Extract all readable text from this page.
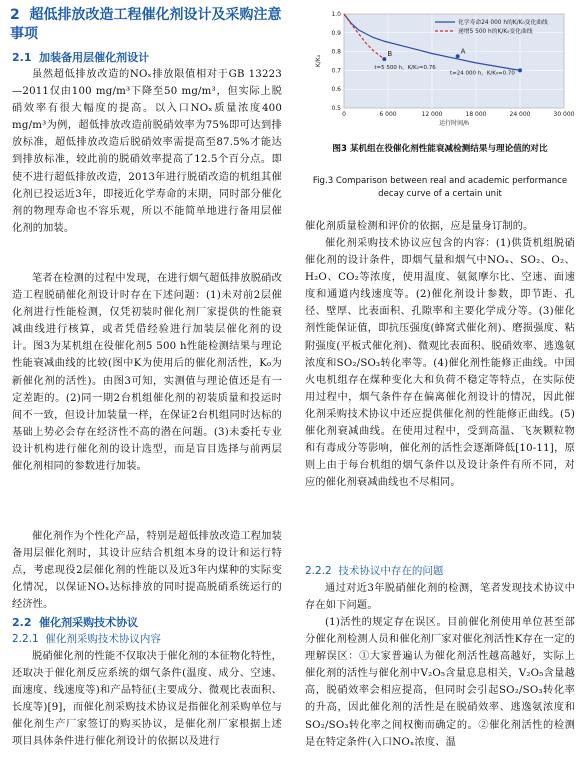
2 超低排放改造工程催化剂设计及采购注意事项
2.1 加装备用层催化剂设计

虽然超低排放改造的NOₓ排放限值相对于GB 13223—2011仅由100 mg/m³下降至50 mg/m³，但实际上脱硝效率有很大幅度的提高。以入口NOₓ质量浓度400 mg/m³为例，超低排放改造前脱硝效率为75%即可达到排放标准，超低排放改造后脱硝效率需提高至87.5%才能达到排放标准，较此前的脱硝效率提高了12.5个百分点。即使不进行超低排放改造，2013年进行脱硝改造的机组其催化剂已投运近3年，即接近化学寿命的末期，同时部分催化剂的物理寿命也不容乐观，所以不能简单地进行备用层催化剂的加装。

笔者在检测的过程中发现，在进行烟气超低排放脱硝改造工程脱硝催化剂设计时存在下述问题：(1)未对前2层催化剂进行性能检测，仅凭初装时催化剂厂家提供的性能衰减曲线进行核算，或者凭借经验进行加装层催化剂的设计。图3为某机组在役催化剂5 500 h性能检测结果与理论性能衰减曲线的比较(图中K为使用后的催化剂活性，K₀为新催化剂的活性)。由图3可知，实测值与理论值还是有一定差距的。(2)同一期2台机组催化剂的初装质量和投运时间不一致，但设计加装量一样，在保证2台机组同时达标的基础上势必会存在经济性不高的潜在问题。(3)未委托专业设计机构进行催化剂的设计选型，而是盲目选择与前两层催化剂相同的参数进行加装。

催化剂作为个性化产品，特别是超低排放改造工程加装备用层催化剂时，其设计应结合机组本身的设计和运行特点，考虑现役2层催化剂的性能以及近3年内煤种的实际变化情况，以保证NOₓ达标排放的同时提高脱硝系统运行的经济性。

2.2 催化剂采购技术协议
2.2.1 催化剂采购技术协议内容

脱硝催化剂的性能不仅取决于催化剂的本征物化特性，还取决于催化剂反应系统的烟气条件(温度、成分、空速、面速度、线速度等)和产品特征(主要成分、微观比表面积、长度等)[9]，而催化剂采购技术协议是指催化剂采购单位与催化剂生产厂家签订的购买协议，是催化剂厂家根据上述项目具体条件进行催化剂设计的依据以及进行

0.5
0.6
0.7
0.8
0.9
1.0
0	6 000	12 000	18 000	24 000	30 000
运行时间/h
K/K₀
A
B
t=5 500 h，K/K₀=0.76
t=24 000 h，K/K₀=0.70
化学寿命24 000 h的K/K₀变化曲线
递增5 500 h的K/K₀变化曲线
图3 某机组在役催化剂性能衰减检测结果与理论值的对比
Fig.3 Comparison between real and academic performance decay curve of a certain unit

催化剂质量检测和评价的依据，应是量身订制的。

催化剂采购技术协议应包含的内容：(1)供货机组脱硝催化剂的设计条件，即烟气量和烟气中NOₓ、SO₂、O₂、H₂O、CO₂等浓度，使用温度、氨氮摩尔比、空速、面速度和通道内线速度等。(2)催化剂设计参数，即节距、孔径、壁厚、比表面积、孔隙率和主要化学成分等。(3)催化剂性能保证值，即抗压强度(蜂窝式催化剂)、磨损强度、粘附强度(平板式催化剂)、微观比表面积、脱硝效率、逃逸氨浓度和SO₂/SO₃转化率等。(4)催化剂性能修正曲线。中国火电机组存在煤种变化大和负荷不稳定等特点，在实际使用过程中，烟气条件存在偏离催化剂设计的情况，因此催化剂采购技术协议中还应提供催化剂的性能修正曲线。(5)催化剂衰减曲线。在使用过程中，受到高温、飞灰颗粒物和有毒成分等影响，催化剂的活性会逐渐降低[10-11]，原则上由于每台机组的烟气条件以及设计条件有所不同，对应的催化剂衰减曲线也不尽相同。

2.2.2 技术协议中存在的问题

通过对近3年脱硝催化剂的检测，笔者发现技术协议中存在如下问题。

(1)活性的规定存在误区。目前催化剂使用单位甚至部分催化剂检测人员和催化剂厂家对催化剂活性K存在一定的理解误区：①大家普遍认为催化剂活性越高越好，实际上催化剂的活性与催化剂中V₂O₅含量息息相关，V₂O₅含量越高，脱硝效率会相应提高，但同时会引起SO₂/SO₃转化率的升高，因此催化剂的活性是在脱硝效率、逃逸氨浓度和SO₂/SO₃转化率之间权衡而确定的。②催化剂活性的检测是在特定条件(入口NOₓ浓度、温
